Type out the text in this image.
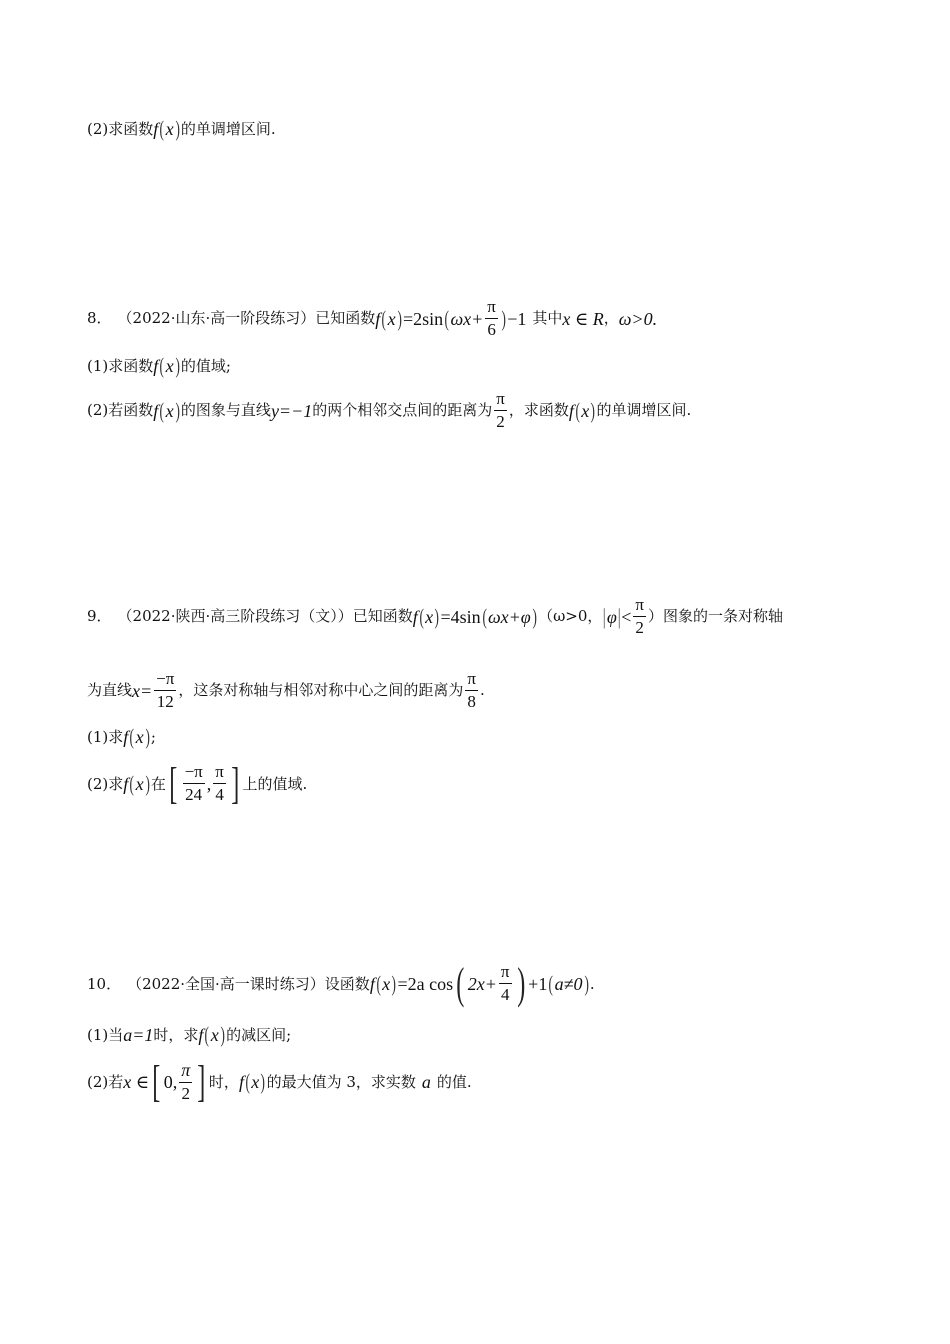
(2)求函数 f ( x ) 的单调增区间.
8． （2022·山东·高一阶段练习）已知函数 f ( x ) =2sin ( $\omega x+ \frac{\pi}{6}$ ) −1 其中 x ∈ R ， ω>0.
(1)求函数 f ( x ) 的值域;
(2)若函数 f ( x ) 的图象与直线 y=−1 的两个相邻交点间的距离为 $\frac{\pi}{2}$ ，求函数 f ( x ) 的单调增区间.
9． （2022·陕西·高三阶段练习（文））已知函数 f ( x ) =4sin ( ωx+φ ) （ω>0， | φ | < $\frac{\pi}{2}$ ）图象的一条对称轴
为直线 $x= \frac{-\pi}{12}$ ，这条对称轴与相邻对称中心之间的距离为 $\frac{\pi}{8}$ .
(1)求 f ( x ) ;
(2)求 f ( x ) 在 [ $\frac{-\pi}{24}$ , $\frac{\pi}{4}$ ] 上的值域.
10． （2022·全国·高一课时练习）设函数 f ( x ) =2a cos ( $2x+ \frac{\pi}{4}$ ) +1 ( a≠0 ) .
(1)当 a=1 时，求 f ( x ) 的减区间;
(2)若 x ∈ [ 0, $\frac{\pi}{2}$ ] 时， f ( x ) 的最大值为 3，求实数 a 的值.
